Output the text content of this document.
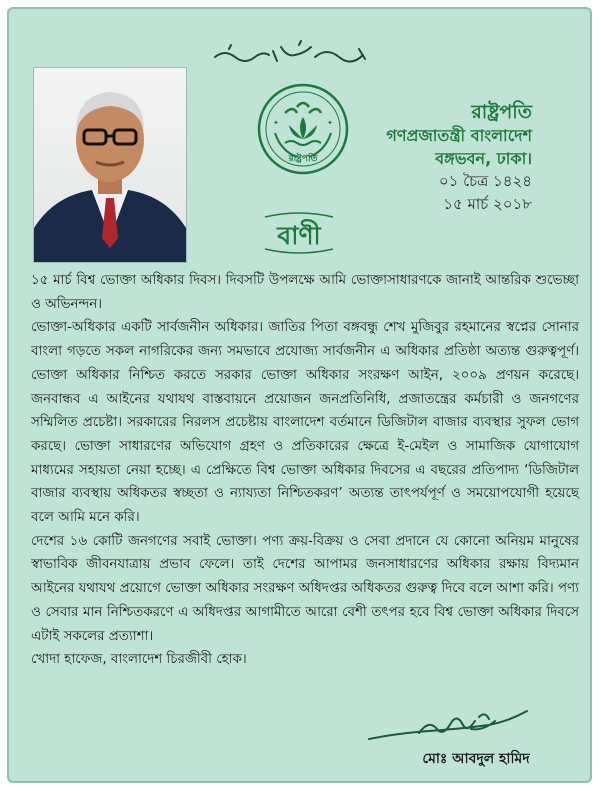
✦	✦
রাষ্ট্রপতি
রাষ্ট্রপতি
গণপ্রজাতন্ত্রী বাংলাদেশ
বঙ্গভবন, ঢাকা।
০১ চৈত্র ১৪২৪
১৫ মার্চ ২০১৮
বাণী

১৫ মার্চ বিশ্ব ভোক্তা অধিকার দিবস। দিবসটি উপলক্ষে আমি ভোক্তাসাধারণকে জানাই আন্তরিক শুভেচ্ছা ও অভিনন্দন।

ভোক্তা-অধিকার একটি সার্বজনীন অধিকার। জাতির পিতা বঙ্গবন্ধু শেখ মুজিবুর রহমানের স্বপ্নের সোনার বাংলা গড়তে সকল নাগরিকের জন্য সমভাবে প্রযোজ্য সার্বজনীন এ অধিকার প্রতিষ্ঠা অত্যন্ত গুরুত্বপূর্ণ। ভোক্তা অধিকার নিশ্চিত করতে সরকার ভোক্তা অধিকার সংরক্ষণ আইন, ২০০৯ প্রণয়ন করেছে। জনবান্ধব এ আইনের যথাযথ বাস্তবায়নে প্রয়োজন জনপ্রতিনিধি, প্রজাতন্ত্রের কর্মচারী ও জনগণের সম্মিলিত প্রচেষ্টা। সরকারের নিরলস প্রচেষ্টায় বাংলাদেশ বর্তমানে ডিজিটাল বাজার ব্যবস্থার সুফল ভোগ করছে। ভোক্তা সাধারণের অভিযোগ গ্রহণ ও প্রতিকারের ক্ষেত্রে ই-মেইল ও সামাজিক যোগাযোগ মাধ্যমের সহায়তা নেয়া হচ্ছে। এ প্রেক্ষিতে বিশ্ব ভোক্তা অধিকার দিবসের এ বছরের প্রতিপাদ্য ‘ডিজিটাল বাজার ব্যবস্থায় অধিকতর স্বচ্ছতা ও ন্যায্যতা নিশ্চিতকরণ’ অত্যন্ত তাৎপর্যপূর্ণ ও সময়োপযোগী হয়েছে বলে আমি মনে করি।

দেশের ১৬ কোটি জনগণের সবাই ভোক্তা। পণ্য ক্রয়-বিক্রয় ও সেবা প্রদানে যে কোনো অনিয়ম মানুষের স্বাভাবিক জীবনযাত্রায় প্রভাব ফেলে। তাই দেশের আপামর জনসাধারণের অধিকার রক্ষায় বিদ্যমান আইনের যথাযথ প্রয়োগে ভোক্তা অধিকার সংরক্ষণ অধিদপ্তর অধিকতর গুরুত্ব দিবে বলে আশা করি। পণ্য ও সেবার মান নিশ্চিতকরণে এ অধিদপ্তর আগামীতে আরো বেশী তৎপর হবে বিশ্ব ভোক্তা অধিকার দিবসে এটাই সকলের প্রত্যাশা।

খোদা হাফেজ, বাংলাদেশ চিরজীবী হোক।

মোঃ আবদুল হামিদ
